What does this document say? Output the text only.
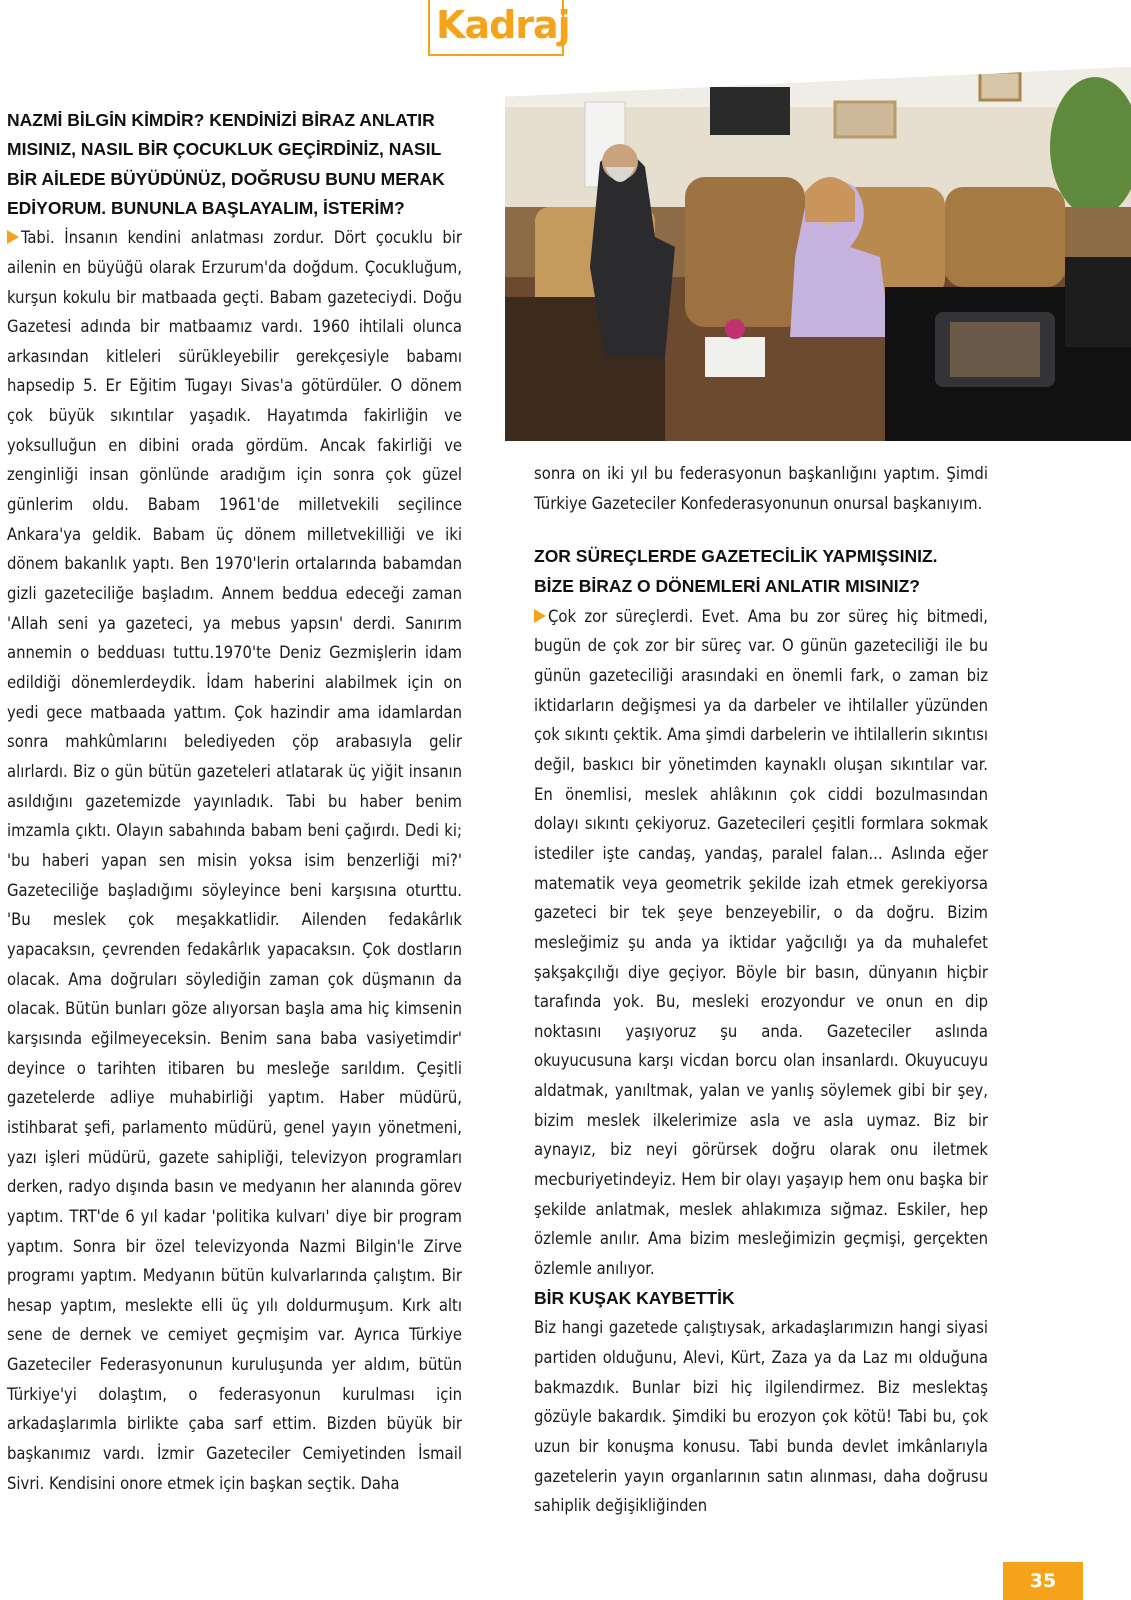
Kadraj

NAZMİ BİLGİN KİMDİR? KENDİNİZİ BİRAZ ANLATIR MISINIZ, NASIL BİR ÇOCUKLUK GEÇİRDİNİZ, NASIL BİR AİLEDE BÜYÜDÜNÜZ, DOĞRUSU BUNU MERAK EDİYORUM. BUNUNLA BAŞLAYALIM, İSTERİM?

Tabi. İnsanın kendini anlatması zordur. Dört çocuklu bir ailenin en büyüğü olarak Erzurum'da doğdum. Çocukluğum, kurşun kokulu bir matbaada geçti. Babam gazeteciydi. Doğu Gazetesi adında bir matbaamız vardı. 1960 ihtilali olunca arkasından kitleleri sürükleyebilir gerekçesiyle babamı hapsedip 5. Er Eğitim Tugayı Sivas'a götürdüler. O dönem çok büyük sıkıntılar yaşadık. Hayatımda fakirliğin ve yoksulluğun en dibini orada gördüm. Ancak fakirliği ve zenginliği insan gönlünde aradığım için sonra çok güzel günlerim oldu. Babam 1961'de milletvekili seçilince Ankara'ya geldik. Babam üç dönem milletvekilliği ve iki dönem bakanlık yaptı. Ben 1970'lerin ortalarında babamdan gizli gazeteciliğe başladım. Annem beddua edeceği zaman 'Allah seni ya gazeteci, ya mebus yapsın' derdi. Sanırım annemin o bedduası tuttu.1970'te Deniz Gezmişlerin idam edildiği dönemlerdeydik. İdam haberini alabilmek için on yedi gece matbaada yattım. Çok hazindir ama idamlardan sonra mahkûmlarını belediyeden çöp arabasıyla gelir alırlardı. Biz o gün bütün gazeteleri atlatarak üç yiğit insanın asıldığını gazetemizde yayınladık. Tabi bu haber benim imzamla çıktı. Olayın sabahında babam beni çağırdı. Dedi ki; 'bu haberi yapan sen misin yoksa isim benzerliği mi?' Gazeteciliğe başladığımı söyleyince beni karşısına oturttu. 'Bu meslek çok meşakkatlidir. Ailenden fedakârlık yapacaksın, çevrenden fedakârlık yapacaksın. Çok dostların olacak. Ama doğruları söylediğin zaman çok düşmanın da olacak. Bütün bunları göze alıyorsan başla ama hiç kimsenin karşısında eğilmeyeceksin. Benim sana baba vasiyetimdir' deyince o tarihten itibaren bu mesleğe sarıldım. Çeşitli gazetelerde adliye muhabirliği yaptım. Haber müdürü, istihbarat şefi, parlamento müdürü, genel yayın yönetmeni, yazı işleri müdürü, gazete sahipliği, televizyon programları derken, radyo dışında basın ve medyanın her alanında görev yaptım. TRT'de 6 yıl kadar 'politika kulvarı' diye bir program yaptım. Sonra bir özel televizyonda Nazmi Bilgin'le Zirve programı yaptım. Medyanın bütün kulvarlarında çalıştım. Bir hesap yaptım, meslekte elli üç yılı doldurmuşum. Kırk altı sene de dernek ve cemiyet geçmişim var. Ayrıca Türkiye Gazeteciler Federasyonunun kuruluşunda yer aldım, bütün Türkiye'yi dolaştım, o federasyonun kurulması için arkadaşlarımla birlikte çaba sarf ettim. Bizden büyük bir başkanımız vardı. İzmir Gazeteciler Cemiyetinden İsmail Sivri. Kendisini onore etmek için başkan seçtik. Daha

sonra on iki yıl bu federasyonun başkanlığını yaptım. Şimdi Türkiye Gazeteciler Konfederasyonunun onursal başkanıyım.

ZOR SÜREÇLERDE GAZETECİLİK YAPMIŞSINIZ.

BİZE BİRAZ O DÖNEMLERİ ANLATIR MISINIZ?

Çok zor süreçlerdi. Evet. Ama bu zor süreç hiç bitmedi, bugün de çok zor bir süreç var. O günün gazeteciliği ile bu günün gazeteciliği arasındaki en önemli fark, o zaman biz iktidarların değişmesi ya da darbeler ve ihtilaller yüzünden çok sıkıntı çektik. Ama şimdi darbelerin ve ihtilallerin sıkıntısı değil, baskıcı bir yönetimden kaynaklı oluşan sıkıntılar var. En önemlisi, meslek ahlâkının çok ciddi bozulmasından dolayı sıkıntı çekiyoruz. Gazetecileri çeşitli formlara sokmak istediler işte candaş, yandaş, paralel falan... Aslında eğer matematik veya geometrik şekilde izah etmek gerekiyorsa gazeteci bir tek şeye benzeyebilir, o da doğru. Bizim mesleğimiz şu anda ya iktidar yağcılığı ya da muhalefet şakşakçılığı diye geçiyor. Böyle bir basın, dünyanın hiçbir tarafında yok. Bu, mesleki erozyondur ve onun en dip noktasını yaşıyoruz şu anda. Gazeteciler aslında okuyucusuna karşı vicdan borcu olan insanlardı. Okuyucuyu aldatmak, yanıltmak, yalan ve yanlış söylemek gibi bir şey, bizim meslek ilkelerimize asla ve asla uymaz. Biz bir aynayız, biz neyi görürsek doğru olarak onu iletmek mecburiyetindeyiz. Hem bir olayı yaşayıp hem onu başka bir şekilde anlatmak, meslek ahlakımıza sığmaz. Eskiler, hep özlemle anılır. Ama bizim mesleğimizin geçmişi, gerçekten özlemle anılıyor.

BİR KUŞAK KAYBETTİK

Biz hangi gazetede çalıştıysak, arkadaşlarımızın hangi siyasi partiden olduğunu, Alevi, Kürt, Zaza ya da Laz mı olduğuna bakmazdık. Bunlar bizi hiç ilgilendirmez. Biz meslektaş gözüyle bakardık. Şimdiki bu erozyon çok kötü! Tabi bu, çok uzun bir konuşma konusu. Tabi bunda devlet imkânlarıyla gazetelerin yayın organlarının satın alınması, daha doğrusu sahiplik değişikliğinden

35
